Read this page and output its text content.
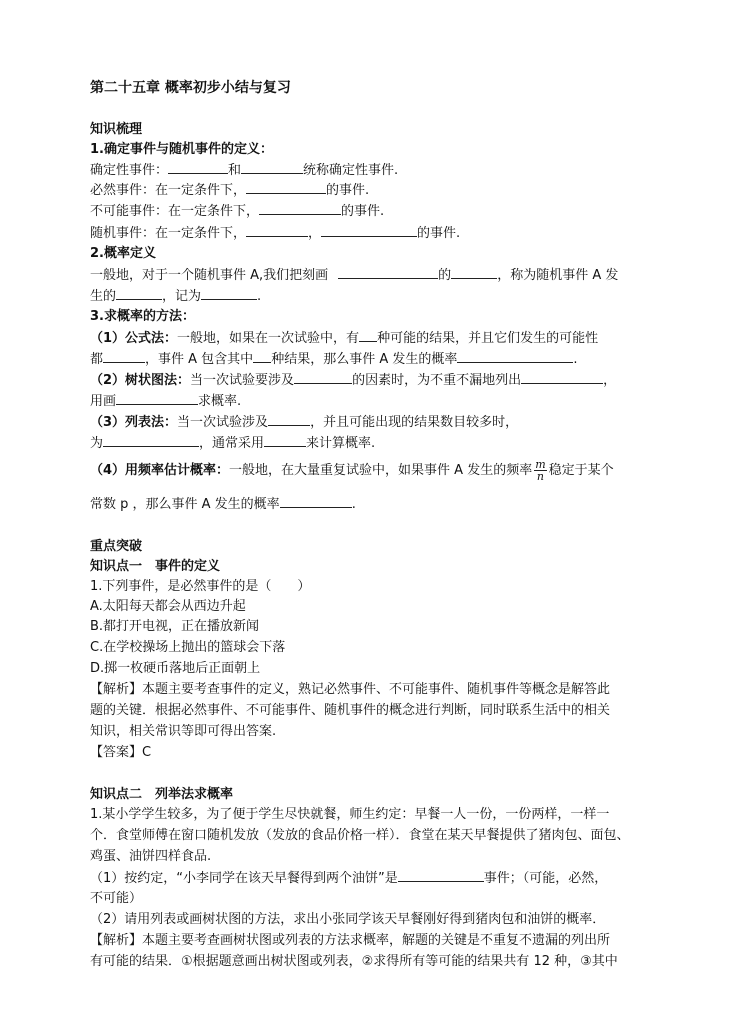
第二十五章 概率初步小结与复习
知识梳理
1.确定事件与随机事件的定义：
确定性事件：	和	统称确定性事件.
必然事件：在一定条件下，	的事件.
不可能事件：在一定条件下，	的事件.
随机事件：在一定条件下，	，	的事件.
2.概率定义
一般地，对于一个随机事件 A,我们把刻画	的	，称为随机事件 A 发
生的	，记为	.
3.求概率的方法：
（1）公式法：一般地，如果在一次试验中，有 种可能的结果，并且它们发生的可能性
都	，事件 A 包含其中 种结果，那么事件 A 发生的概率	.
（2）树状图法：当一次试验要涉及	的因素时，为不重不漏地列出	，
用画	求概率.
（3）列表法：当一次试验涉及	，并且可能出现的结果数目较多时，
为	，通常采用	来计算概率.
（4）用频率估计概率：一般地，在大量重复试验中，如果事件 A 发生的频率 $\frac{m}{n}$ 稳定于某个
常数 p ，那么事件 A 发生的概率	.
重点突破
知识点一　事件的定义
1.下列事件，是必然事件的是（　　）
A.太阳每天都会从西边升起
B.都打开电视，正在播放新闻
C.在学校操场上抛出的篮球会下落
D.掷一枚硬币落地后正面朝上
【解析】本题主要考查事件的定义，熟记必然事件、不可能事件、随机事件等概念是解答此
题的关键．根据必然事件、不可能事件、随机事件的概念进行判断，同时联系生活中的相关
知识，相关常识等即可得出答案.
【答案】C
知识点二　列举法求概率
1.某小学学生较多，为了便于学生尽快就餐，师生约定：早餐一人一份，一份两样，一样一
个．食堂师傅在窗口随机发放（发放的食品价格一样）．食堂在某天早餐提供了猪肉包、面包、
鸡蛋、油饼四样食品.
（1）按约定，“小李同学在该天早餐得到两个油饼”是	事件；（可能，必然，
不可能）
（2）请用列表或画树状图的方法，求出小张同学该天早餐刚好得到猪肉包和油饼的概率．
【解析】本题主要考查画树状图或列表的方法求概率，解题的关键是不重复不遗漏的列出所
有可能的结果．①根据题意画出树状图或列表，②求得所有等可能的结果共有 12 种，③其中
